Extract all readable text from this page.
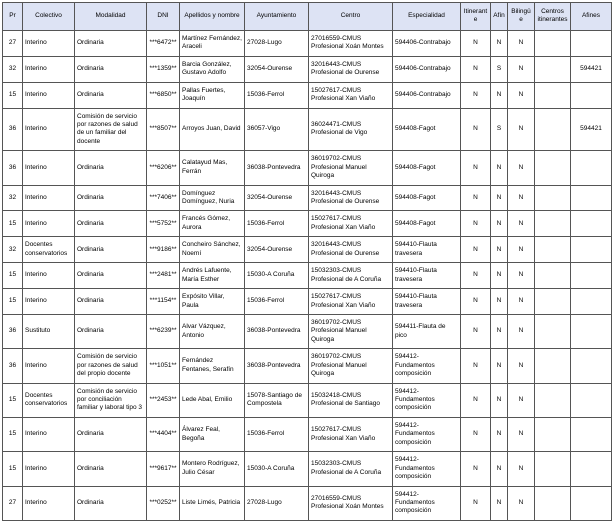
Pr	Colectivo	Modalidad	DNI	Apellidos y nombre	Ayuntamiento	Centro	Especialidad	Itinerante	Afín	Bilingüe	Centros itinerantes	Afines
27	Interino	Ordinaria	***6472**	Martínez Fernández, Araceli	27028-Lugo	27016559-CMUS Profesional Xoán Montes	594406-Contrabajo	N	N	N		
32	Interino	Ordinaria	***1359**	Barcia González, Gustavo Adolfo	32054-Ourense	32016443-CMUS Profesional de Ourense	594406-Contrabajo	N	S	N		594421
15	Interino	Ordinaria	***6850**	Pallas Fuertes, Joaquín	15036-Ferrol	15027617-CMUS Profesional Xan Viaño	594406-Contrabajo	N	N	N		
36	Interino	Comisión de servicio por razones de salud de un familiar del docente	***8507**	Arroyos Juan, David	36057-Vigo	36024471-CMUS Profesional de Vigo	594408-Fagot	N	S	N		594421
36	Interino	Ordinaria	***6206**	Calatayud Mas, Ferrán	36038-Pontevedra	36019702-CMUS Profesional Manuel Quiroga	594408-Fagot	N	N	N		
32	Interino	Ordinaria	***7406**	Domínguez Domínguez, Nuria	32054-Ourense	32016443-CMUS Profesional de Ourense	594408-Fagot	N	N	N		
15	Interino	Ordinaria	***5752**	Francés Gómez, Aurora	15036-Ferrol	15027617-CMUS Profesional Xan Viaño	594408-Fagot	N	N	N		
32	Docentes conservatorios	Ordinaria	***9186**	Concheiro Sánchez, Noemí	32054-Ourense	32016443-CMUS Profesional de Ourense	594410-Flauta travesera	N	N	N		
15	Interino	Ordinaria	***2481**	Andrés Lafuente, María Esther	15030-A Coruña	15032303-CMUS Profesional de A Coruña	594410-Flauta travesera	N	N	N		
15	Interino	Ordinaria	***1154**	Expósito Villar, Paula	15036-Ferrol	15027617-CMUS Profesional Xan Viaño	594410-Flauta travesera	N	N	N		
36	Sustituto	Ordinaria	***6239**	Alvar Vázquez, Antonio	36038-Pontevedra	36019702-CMUS Profesional Manuel Quiroga	594411-Flauta de pico	N	N	N		
36	Interino	Comisión de servicio por razones de salud del propio docente	***1051**	Fernández Fentanes, Serafín	36038-Pontevedra	36019702-CMUS Profesional Manuel Quiroga	594412-Fundamentos composición	N	N	N		
15	Docentes conservatorios	Comisión de servicio por conciliación familiar y laboral tipo 3	***2453**	Lede Abal, Emilio	15078-Santiago de Compostela	15032418-CMUS Profesional de Santiago	594412-Fundamentos composición	N	N	N		
15	Interino	Ordinaria	***4404**	Álvarez Feal, Begoña	15036-Ferrol	15027617-CMUS Profesional Xan Viaño	594412-Fundamentos composición	N	N	N		
15	Interino	Ordinaria	***9617**	Montero Rodríguez, Julio César	15030-A Coruña	15032303-CMUS Profesional de A Coruña	594412-Fundamentos composición	N	N	N		
27	Interino	Ordinaria	***0252**	Liste Limés, Patricia	27028-Lugo	27016559-CMUS Profesional Xoán Montes	594412-Fundamentos composición	N	N	N		
